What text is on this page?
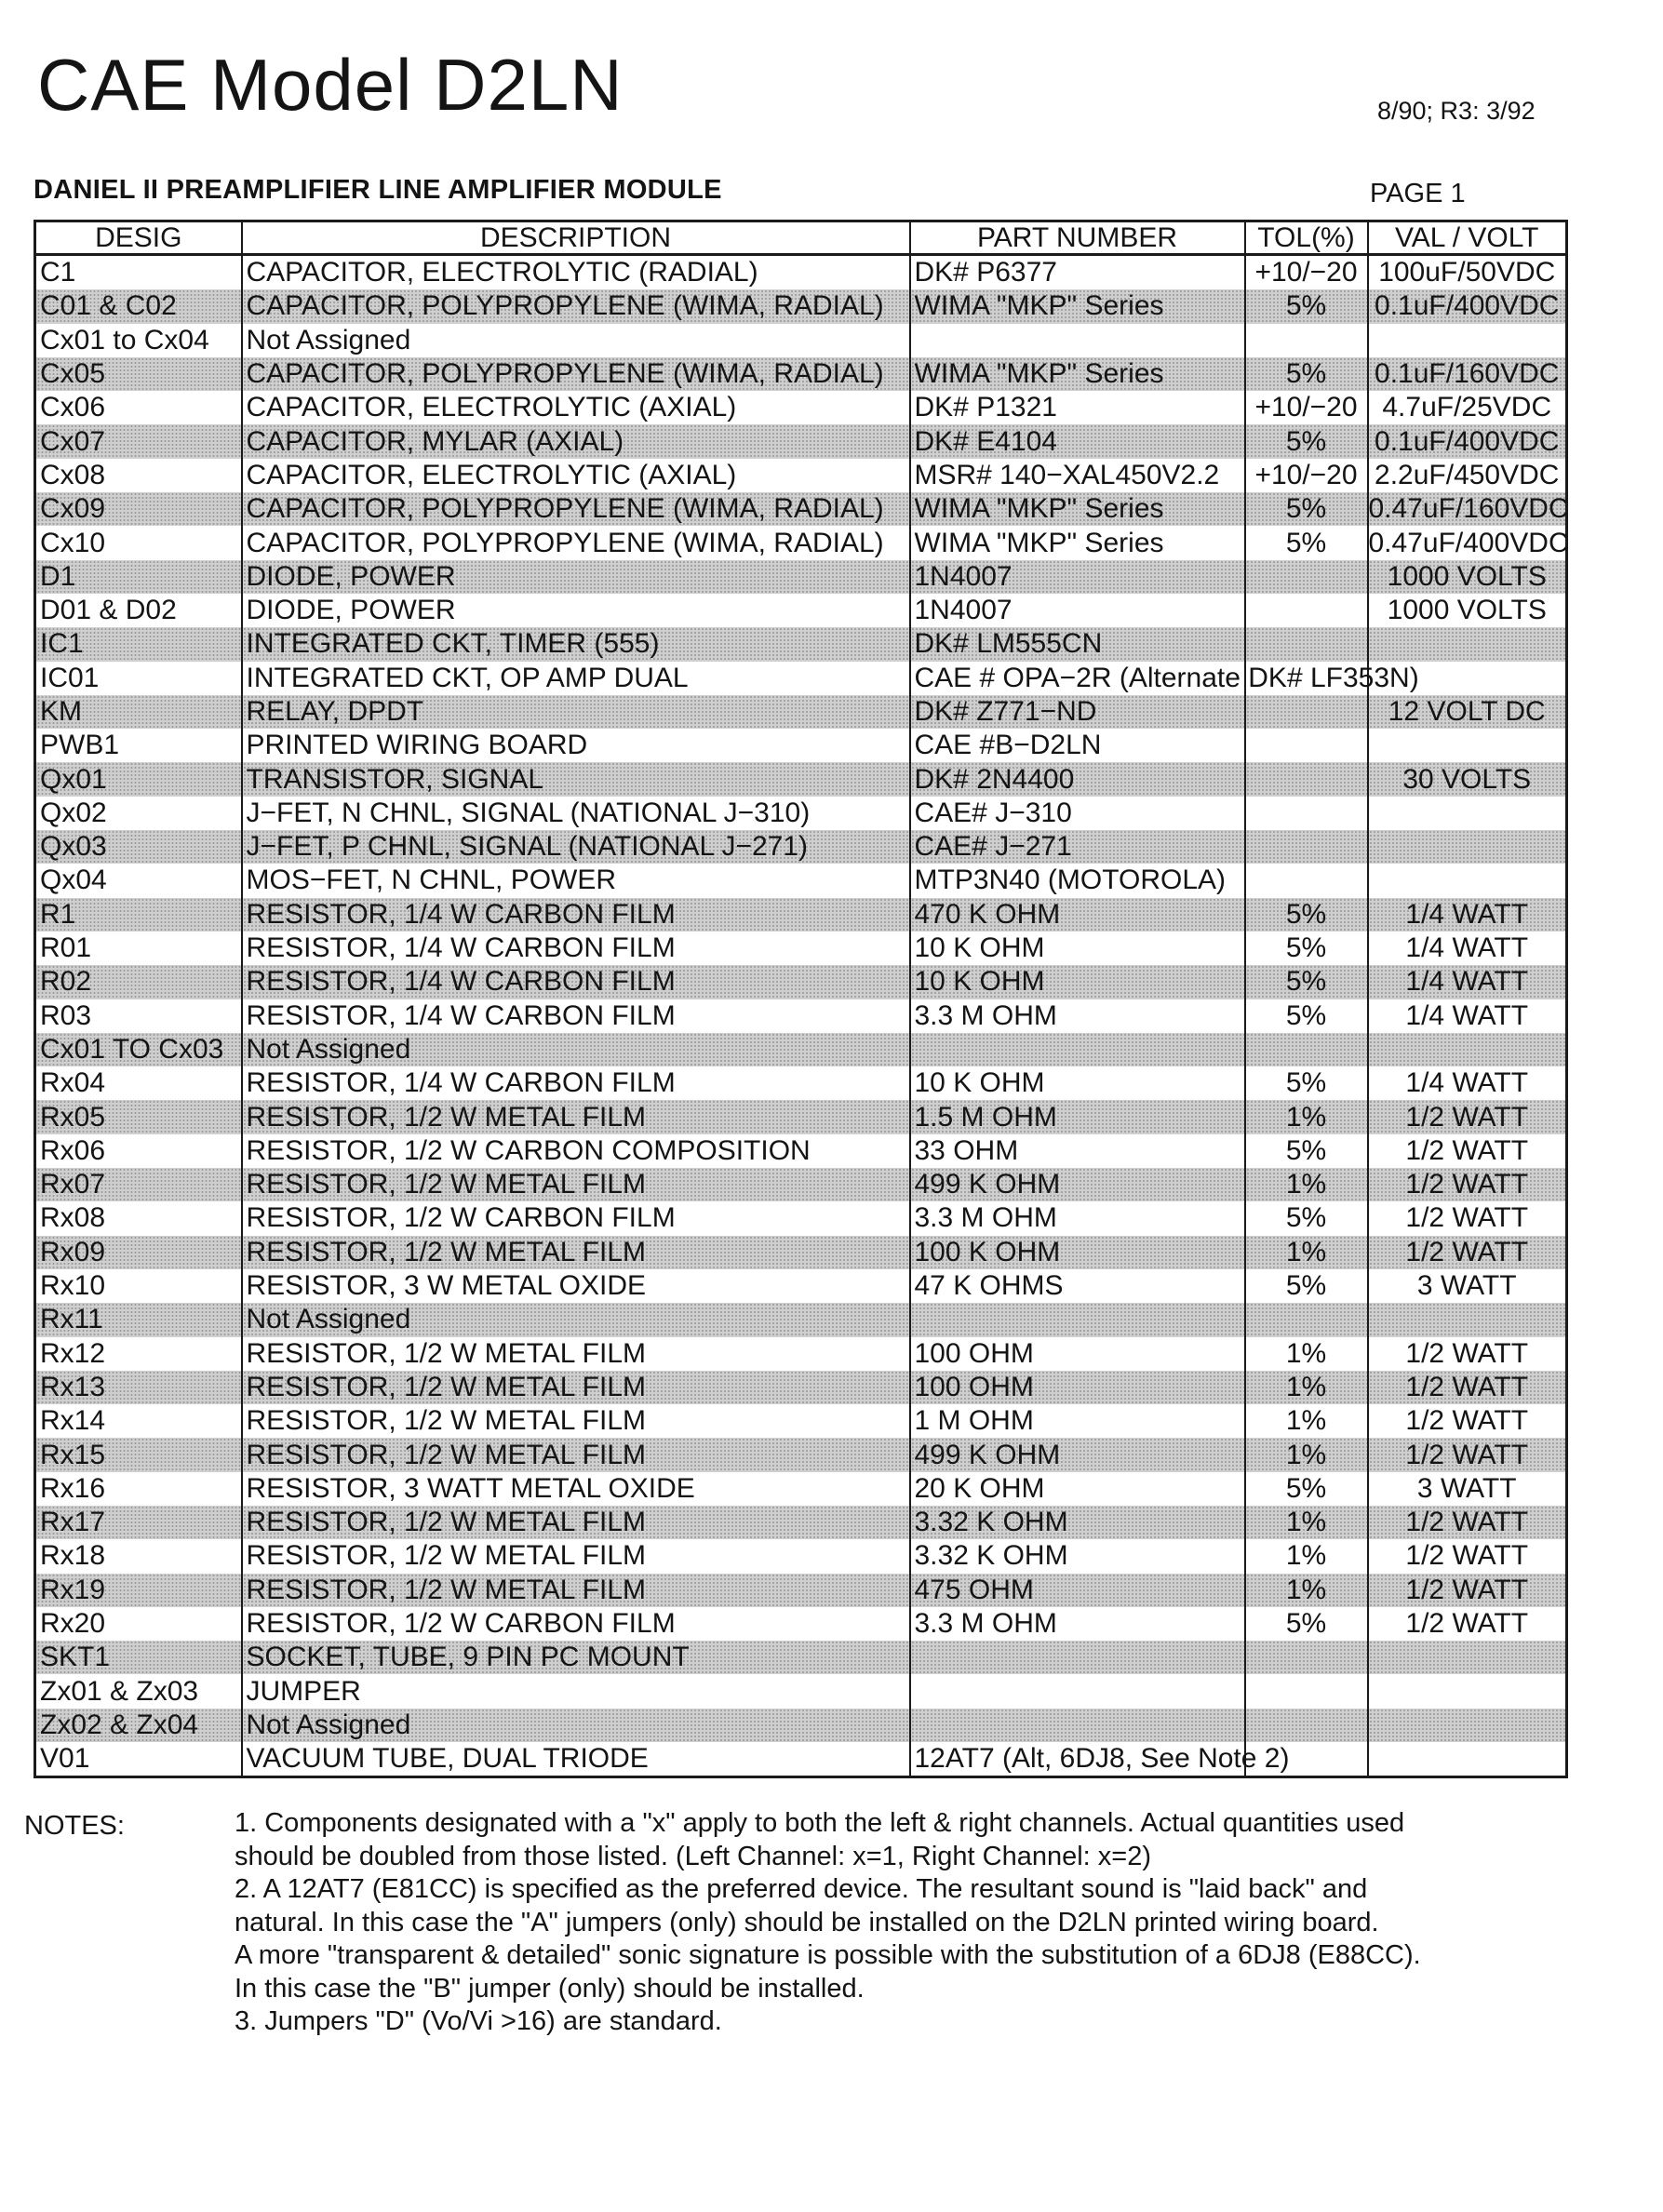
CAE Model D2LN	8/90; R3: 3/92
DANIEL II PREAMPLIFIER LINE AMPLIFIER MODULE	PAGE 1
DESIG	DESCRIPTION	PART NUMBER	TOL(%)	VAL / VOLT
C1	CAPACITOR, ELECTROLYTIC (RADIAL)	DK# P6377	+10/−20	100uF/50VDC
C01 & C02	CAPACITOR, POLYPROPYLENE (WIMA, RADIAL)	WIMA "MKP" Series	5%	0.1uF/400VDC
Cx01 to Cx04	Not Assigned			
Cx05	CAPACITOR, POLYPROPYLENE (WIMA, RADIAL)	WIMA "MKP" Series	5%	0.1uF/160VDC
Cx06	CAPACITOR, ELECTROLYTIC (AXIAL)	DK# P1321	+10/−20	4.7uF/25VDC
Cx07	CAPACITOR, MYLAR (AXIAL)	DK# E4104	5%	0.1uF/400VDC
Cx08	CAPACITOR, ELECTROLYTIC (AXIAL)	MSR# 140−XAL450V2.2	+10/−20	2.2uF/450VDC
Cx09	CAPACITOR, POLYPROPYLENE (WIMA, RADIAL)	WIMA "MKP" Series	5%	0.47uF/160VDC
Cx10	CAPACITOR, POLYPROPYLENE (WIMA, RADIAL)	WIMA "MKP" Series	5%	0.47uF/400VDC
D1	DIODE, POWER	1N4007		1000 VOLTS
D01 & D02	DIODE, POWER	1N4007		1000 VOLTS
IC1	INTEGRATED CKT, TIMER (555)	DK# LM555CN		
IC01	INTEGRATED CKT, OP AMP DUAL	CAE # OPA−2R (Alternate DK# LF353N)		
KM	RELAY, DPDT	DK# Z771−ND		12 VOLT DC
PWB1	PRINTED WIRING BOARD	CAE #B−D2LN		
Qx01	TRANSISTOR, SIGNAL	DK# 2N4400		30 VOLTS
Qx02	J−FET, N CHNL, SIGNAL (NATIONAL J−310)	CAE# J−310		
Qx03	J−FET, P CHNL, SIGNAL (NATIONAL J−271)	CAE# J−271		
Qx04	MOS−FET, N CHNL, POWER	MTP3N40 (MOTOROLA)		
R1	RESISTOR, 1/4 W CARBON FILM	470 K OHM	5%	1/4 WATT
R01	RESISTOR, 1/4 W CARBON FILM	10 K OHM	5%	1/4 WATT
R02	RESISTOR, 1/4 W CARBON FILM	10 K OHM	5%	1/4 WATT
R03	RESISTOR, 1/4 W CARBON FILM	3.3 M OHM	5%	1/4 WATT
Cx01 TO Cx03	Not Assigned			
Rx04	RESISTOR, 1/4 W CARBON FILM	10 K OHM	5%	1/4 WATT
Rx05	RESISTOR, 1/2 W METAL FILM	1.5 M OHM	1%	1/2 WATT
Rx06	RESISTOR, 1/2 W CARBON COMPOSITION	33 OHM	5%	1/2 WATT
Rx07	RESISTOR, 1/2 W METAL FILM	499 K OHM	1%	1/2 WATT
Rx08	RESISTOR, 1/2 W CARBON FILM	3.3 M OHM	5%	1/2 WATT
Rx09	RESISTOR, 1/2 W METAL FILM	100 K OHM	1%	1/2 WATT
Rx10	RESISTOR, 3 W METAL OXIDE	47 K OHMS	5%	3 WATT
Rx11	Not Assigned			
Rx12	RESISTOR, 1/2 W METAL FILM	100 OHM	1%	1/2 WATT
Rx13	RESISTOR, 1/2 W METAL FILM	100 OHM	1%	1/2 WATT
Rx14	RESISTOR, 1/2 W METAL FILM	1 M OHM	1%	1/2 WATT
Rx15	RESISTOR, 1/2 W METAL FILM	499 K OHM	1%	1/2 WATT
Rx16	RESISTOR, 3 WATT METAL OXIDE	20 K OHM	5%	3 WATT
Rx17	RESISTOR, 1/2 W METAL FILM	3.32 K OHM	1%	1/2 WATT
Rx18	RESISTOR, 1/2 W METAL FILM	3.32 K OHM	1%	1/2 WATT
Rx19	RESISTOR, 1/2 W METAL FILM	475 OHM	1%	1/2 WATT
Rx20	RESISTOR, 1/2 W CARBON FILM	3.3 M OHM	5%	1/2 WATT
SKT1	SOCKET, TUBE, 9 PIN PC MOUNT			
Zx01 & Zx03	JUMPER			
Zx02 & Zx04	Not Assigned			
V01	VACUUM TUBE, DUAL TRIODE	12AT7 (Alt, 6DJ8, See Note 2)		
NOTES:	1. Components designated with a "x" apply to both the left & right channels. Actual quantities used
should be doubled from those listed. (Left Channel: x=1, Right Channel: x=2)
2. A 12AT7 (E81CC) is specified as the preferred device. The resultant sound is "laid back" and
natural. In this case the "A" jumpers (only) should be installed on the D2LN printed wiring board.
A more "transparent & detailed" sonic signature is possible with the substitution of a 6DJ8 (E88CC).
In this case the "B" jumper (only) should be installed.
3. Jumpers "D" (Vo/Vi >16) are standard.
